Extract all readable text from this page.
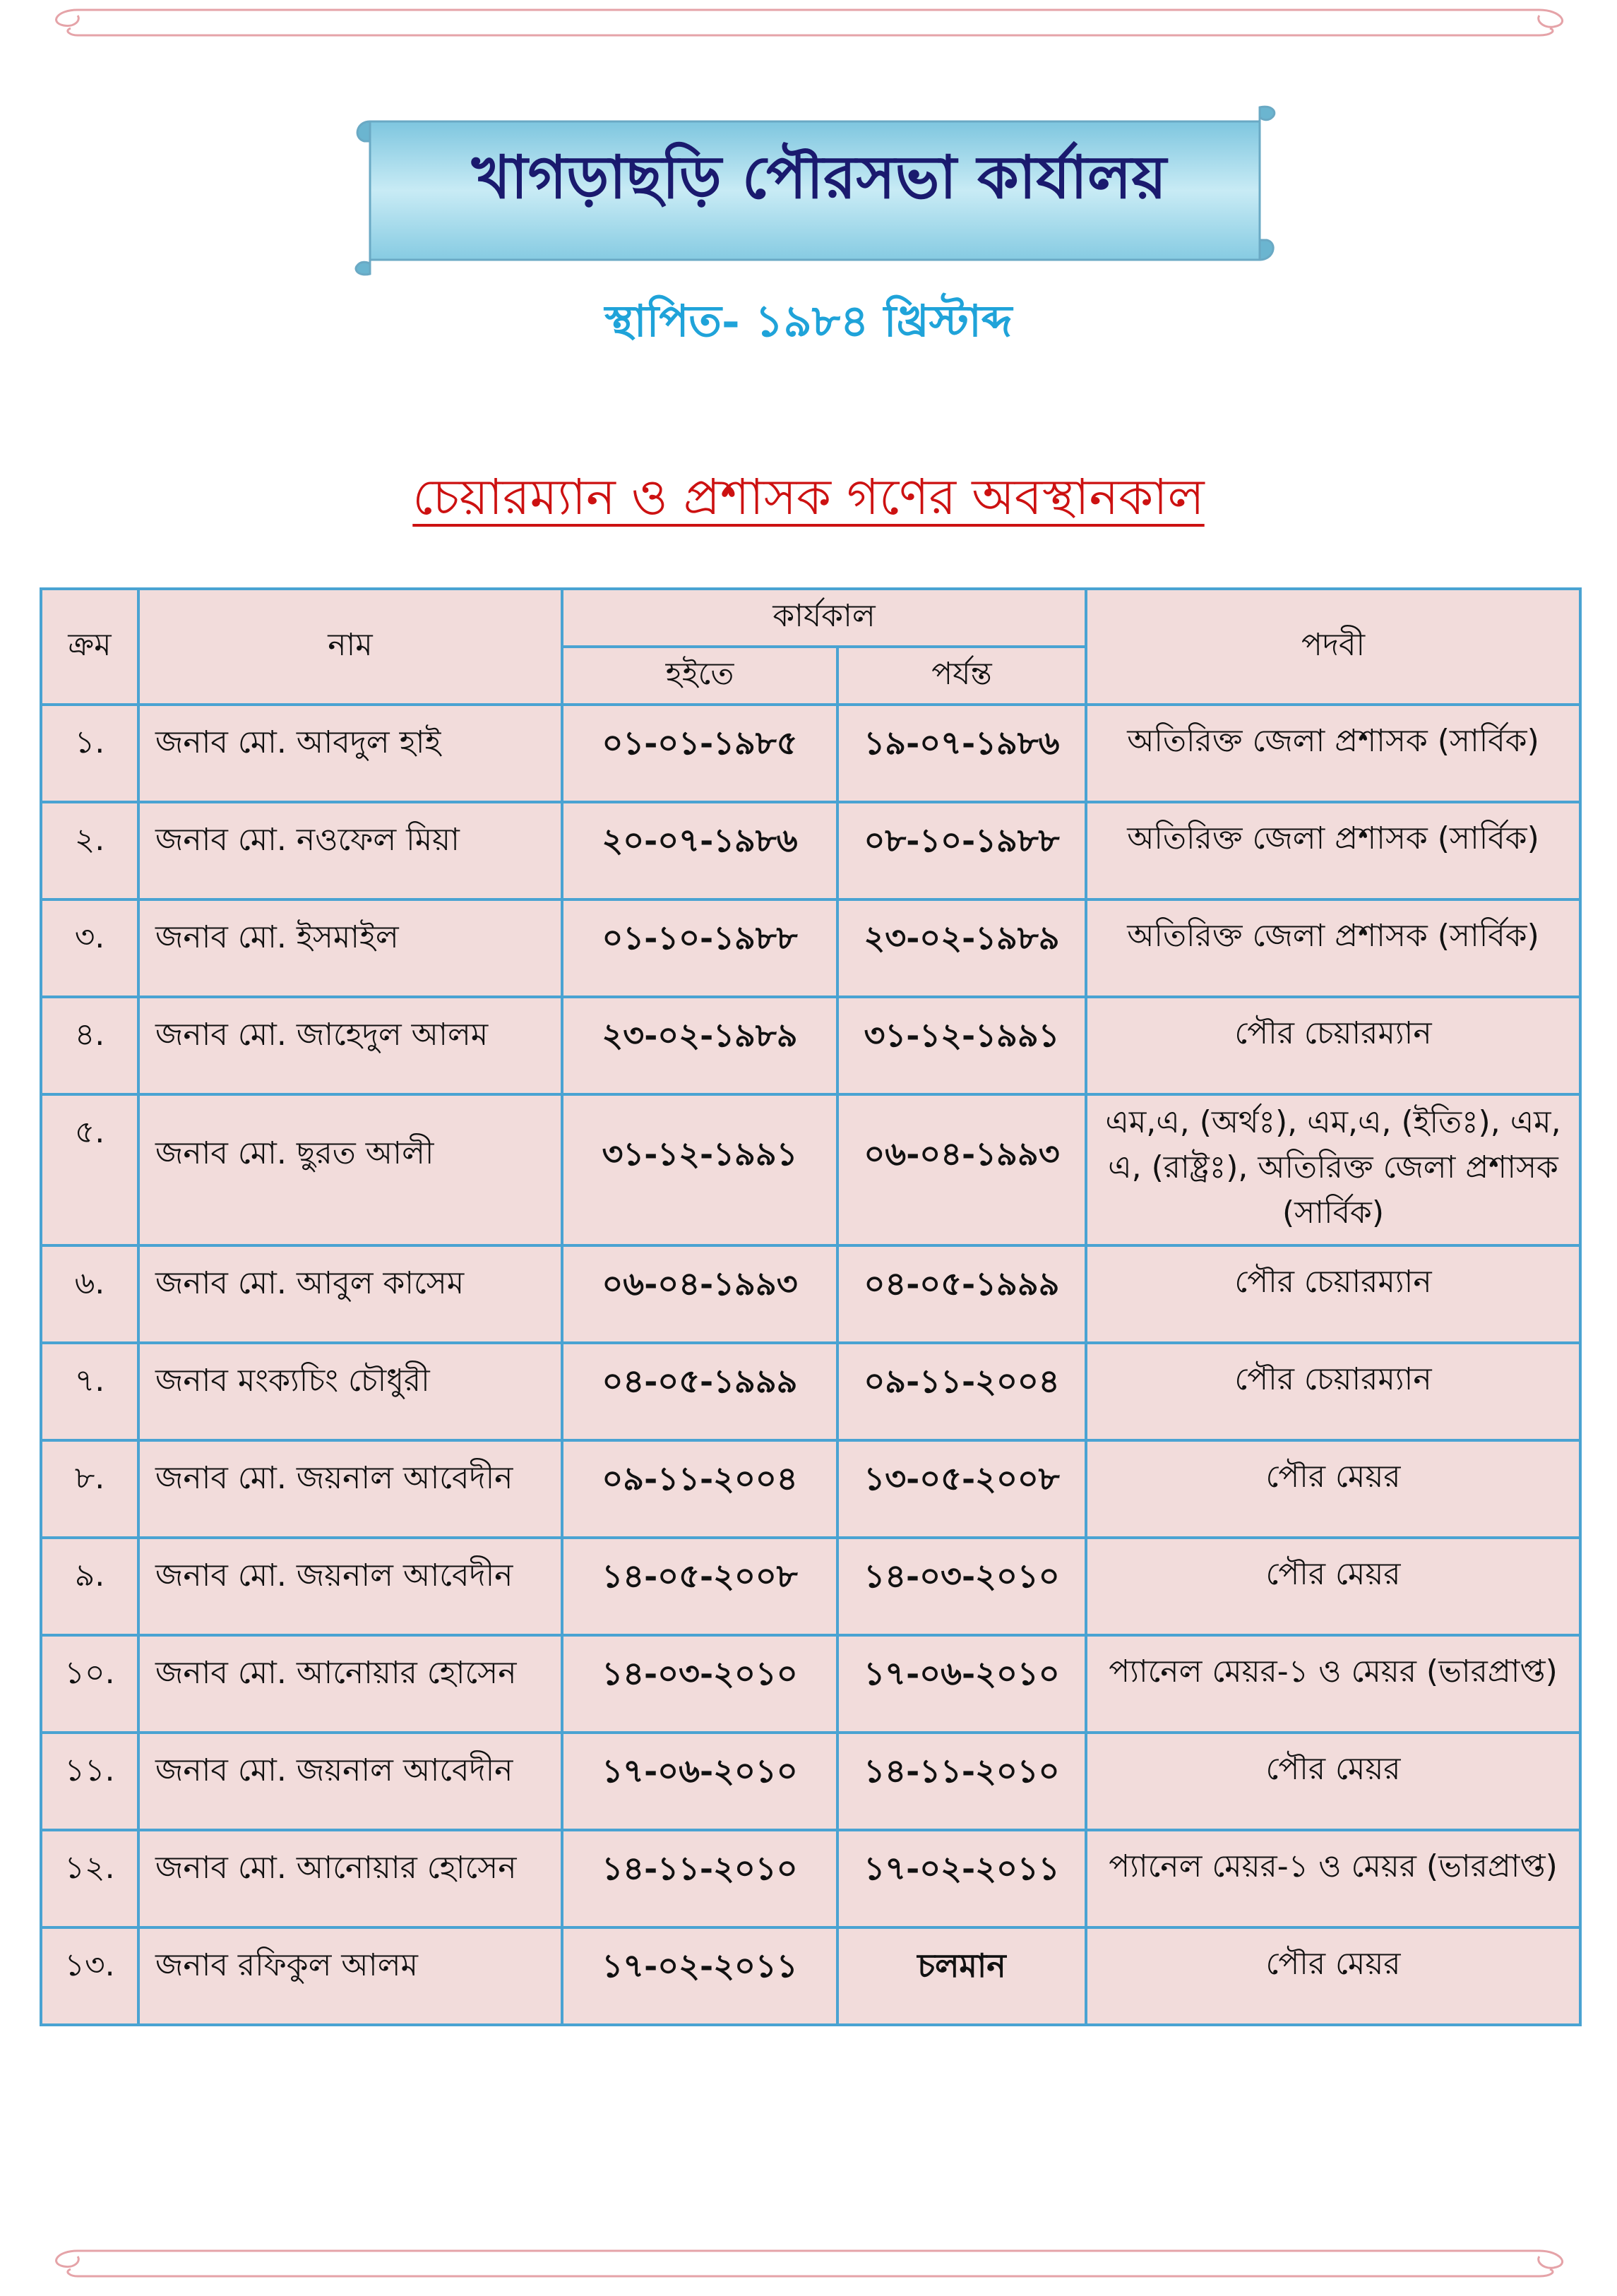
খাগড়াছড়ি পৌরসভা কার্যালয়
স্থাপিত- ১৯৮৪ খ্রিস্টাব্দ
চেয়ারম্যান ও প্রশাসক গণের অবস্থানকাল
ক্রম	নাম	কার্যকাল		পদবী
		হইতে	পর্যন্ত	
১.	জনাব মো. আবদুল হাই	০১-০১-১৯৮৫	১৯-০৭-১৯৮৬	অতিরিক্ত জেলা প্রশাসক (সার্বিক)
২.	জনাব মো. নওফেল মিয়া	২০-০৭-১৯৮৬	০৮-১০-১৯৮৮	অতিরিক্ত জেলা প্রশাসক (সার্বিক)
৩.	জনাব মো. ইসমাইল	০১-১০-১৯৮৮	২৩-০২-১৯৮৯	অতিরিক্ত জেলা প্রশাসক (সার্বিক)
৪.	জনাব মো. জাহেদুল আলম	২৩-০২-১৯৮৯	৩১-১২-১৯৯১	পৌর চেয়ারম্যান
৫.	জনাব মো. ছুরত আলী	৩১-১২-১৯৯১	০৬-০৪-১৯৯৩	এম,এ, (অর্থঃ), এম,এ, (ইতিঃ), এম, এ, (রাষ্ট্রঃ), অতিরিক্ত জেলা প্রশাসক (সার্বিক)
৬.	জনাব মো. আবুল কাসেম	০৬-০৪-১৯৯৩	০৪-০৫-১৯৯৯	পৌর চেয়ারম্যান
৭.	জনাব মংক্যচিং চৌধুরী	০৪-০৫-১৯৯৯	০৯-১১-২০০৪	পৌর চেয়ারম্যান
৮.	জনাব মো. জয়নাল আবেদীন	০৯-১১-২০০৪	১৩-০৫-২০০৮	পৌর মেয়র
৯.	জনাব মো. জয়নাল আবেদীন	১৪-০৫-২০০৮	১৪-০৩-২০১০	পৌর মেয়র
১০.	জনাব মো. আনোয়ার হোসেন	১৪-০৩-২০১০	১৭-০৬-২০১০	প্যানেল মেয়র-১ ও মেয়র (ভারপ্রাপ্ত)
১১.	জনাব মো. জয়নাল আবেদীন	১৭-০৬-২০১০	১৪-১১-২০১০	পৌর মেয়র
১২.	জনাব মো. আনোয়ার হোসেন	১৪-১১-২০১০	১৭-০২-২০১১	প্যানেল মেয়র-১ ও মেয়র (ভারপ্রাপ্ত)
১৩.	জনাব রফিকুল আলম	১৭-০২-২০১১	চলমান	পৌর মেয়র
